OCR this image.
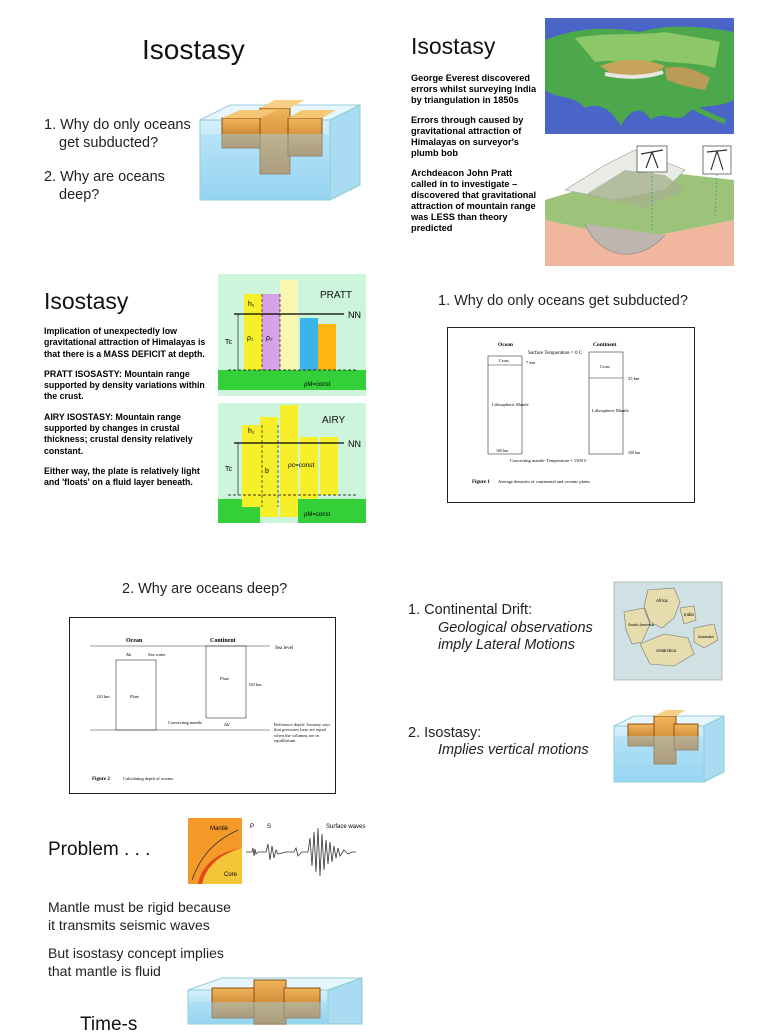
Isostasy
1. Why do only oceans
get subducted?
2. Why are oceans
deep?
Isostasy

George Everest discovered errors whilst surveying India by triangulation in 1850s

Errors through caused by gravitational attraction of Himalayas on surveyor's plumb bob

Archdeacon John Pratt called in to investigate – discovered that gravitational attraction of mountain range was LESS than theory predicted

Isostasy

Implication of unexpectedly low gravitational attraction of Himalayas is that there is a MASS DEFICIT at depth.

PRATT ISOSASTY: Mountain range supported by density variations within the crust.

AIRY ISOSTASY: Mountain range supported by changes in crustal thickness; crustal density relatively constant.

Either way, the plate is relatively light and 'floats' on a fluid layer beneath.

PRATT
NN
h₁
Tc
ρ₁ ρ₂
ρM=const
AIRY
NN
h₁
Tc	b
ρc=const
ρM=const
1. Why do only oceans get subducted?
Ocean	Continent
Surface Temperature = 0 C
Crust	7 km
Lithospheric Mantle
Crust
35 km
Lithospheric Mantle
100 km	100 km
Convecting mantle: Temperature = 1300 C
Figure 1 Average densities of continental and oceanic plates
2. Why are oceans deep?
Ocean	Continent
Sea level
Δh	Sea water
Plate
120 km
Plate
120 km
Convecting mantle	Δh'	Reference depth: Isostasy says that pressures here are equal when the columns are in equilibrium
Figure 2	Calculating depth of oceans
1. Continental Drift:
Geological observations
imply Lateral Motions
2. Isostasy:
Implies vertical motions
Africa
South America
India
Antarctica
Australia
Problem . . .
Mantle
Core
P S	Surface waves
Mantle must be rigid because
it transmits seismic waves
But isostasy concept implies
that mantle is fluid
Time-s
